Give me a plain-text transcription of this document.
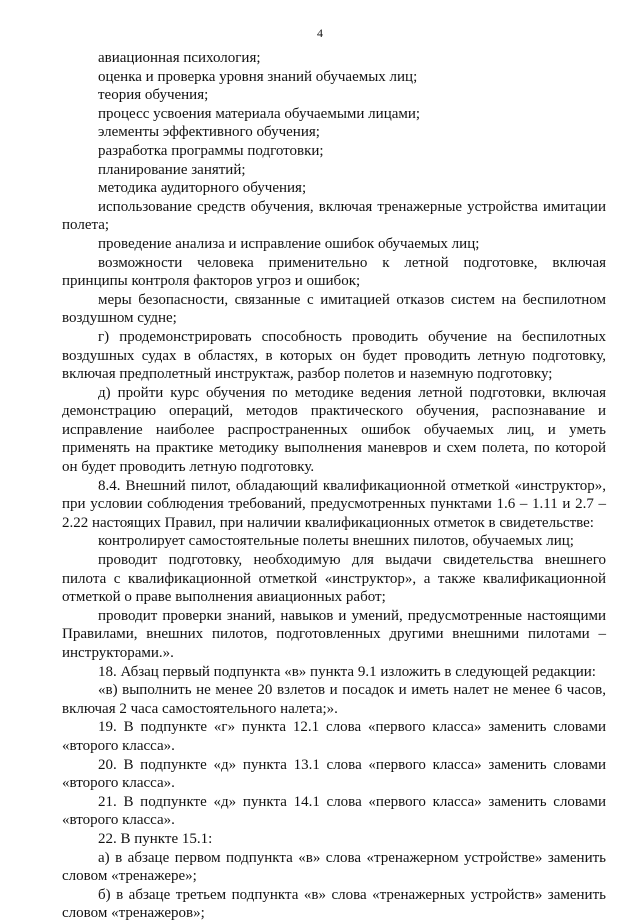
4

авиационная психология;

оценка и проверка уровня знаний обучаемых лиц;

теория обучения;

процесс усвоения материала обучаемыми лицами;

элементы эффективного обучения;

разработка программы подготовки;

планирование занятий;

методика аудиторного обучения;

использование средств обучения, включая тренажерные устройства имитации полета;

проведение анализа и исправление ошибок обучаемых лиц;

возможности человека применительно к летной подготовке, включая принципы контроля факторов угроз и ошибок;

меры безопасности, связанные с имитацией отказов систем на беспилотном воздушном судне;

г) продемонстрировать способность проводить обучение на беспилотных воздушных судах в областях, в которых он будет проводить летную подготовку, включая предполетный инструктаж, разбор полетов и наземную подготовку;

д) пройти курс обучения по методике ведения летной подготовки, включая демонстрацию операций, методов практического обучения, распознавание и исправление наиболее распространенных ошибок обучаемых лиц, и уметь применять на практике методику выполнения маневров и схем полета, по которой он будет проводить летную подготовку.

8.4. Внешний пилот, обладающий квалификационной отметкой «инструктор», при условии соблюдения требований, предусмотренных пунктами 1.6 – 1.11 и 2.7 – 2.22 настоящих Правил, при наличии квалификационных отметок в свидетельстве:

контролирует самостоятельные полеты внешних пилотов, обучаемых лиц;

проводит подготовку, необходимую для выдачи свидетельства внешнего пилота с квалификационной отметкой «инструктор», а также квалификационной отметкой о праве выполнения авиационных работ;

проводит проверки знаний, навыков и умений, предусмотренные настоящими Правилами, внешних пилотов, подготовленных другими внешними пилотами – инструкторами.».

18. Абзац первый подпункта «в» пункта 9.1 изложить в следующей редакции:

«в) выполнить не менее 20 взлетов и посадок и иметь налет не менее 6 часов, включая 2 часа самостоятельного налета;».

19. В подпункте «г» пункта 12.1 слова «первого класса» заменить словами «второго класса».

20. В подпункте «д» пункта 13.1 слова «первого класса» заменить словами «второго класса».

21. В подпункте «д» пункта 14.1 слова «первого класса» заменить словами «второго класса».

22. В пункте 15.1:

а) в абзаце первом подпункта «в» слова «тренажерном устройстве» заменить словом «тренажере»;

б) в абзаце третьем подпункта «в» слова «тренажерных устройств» заменить словом «тренажеров»;
